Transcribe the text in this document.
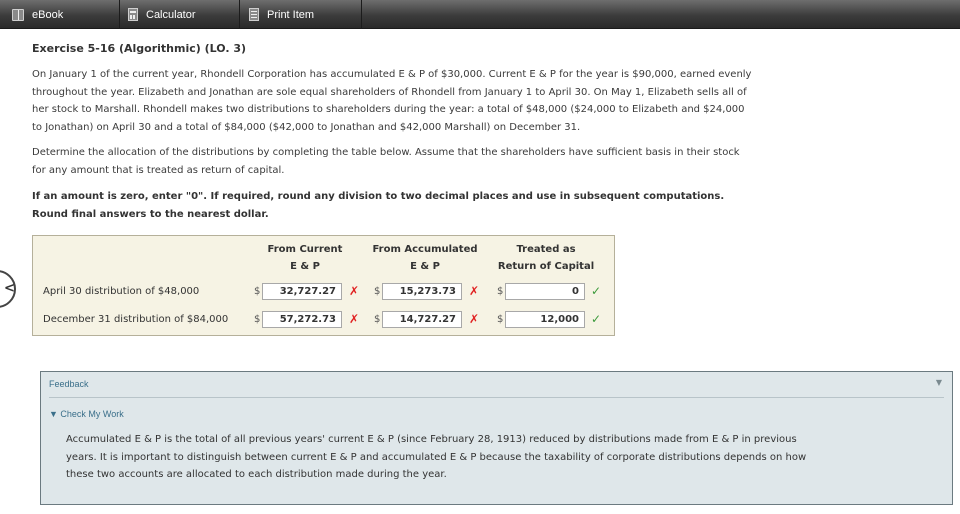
eBook	Calculator	Print Item
Exercise 5-16 (Algorithmic) (LO. 3)
On January 1 of the current year, Rhondell Corporation has accumulated E & P of $30,000. Current E & P for the year is $90,000, earned evenly throughout the year. Elizabeth and Jonathan are sole equal shareholders of Rhondell from January 1 to April 30. On May 1, Elizabeth sells all of her stock to Marshall. Rhondell makes two distributions to shareholders during the year: a total of $48,000 ($24,000 to Elizabeth and $24,000 to Jonathan) on April 30 and a total of $84,000 ($42,000 to Jonathan and $42,000 Marshall) on December 31.
Determine the allocation of the distributions by completing the table below. Assume that the shareholders have sufficient basis in their stock for any amount that is treated as return of capital.
If an amount is zero, enter "0". If required, round any division to two decimal places and use in subsequent computations. Round final answers to the nearest dollar.
<
From Current
E & P
From Accumulated
E & P
Treated as
Return of Capital
April 30 distribution of $48,000	$	32,727.27	✗ $	15,273.73	✗ $	0	✓
December 31 distribution of $84,000	$	57,272.73	✗ $	14,727.27	✗ $	12,000	✓
Feedback	▼
▼ Check My Work
Accumulated E & P is the total of all previous years' current E & P (since February 28, 1913) reduced by distributions made from E & P in previous years. It is important to distinguish between current E & P and accumulated E & P because the taxability of corporate distributions depends on how these two accounts are allocated to each distribution made during the year.
